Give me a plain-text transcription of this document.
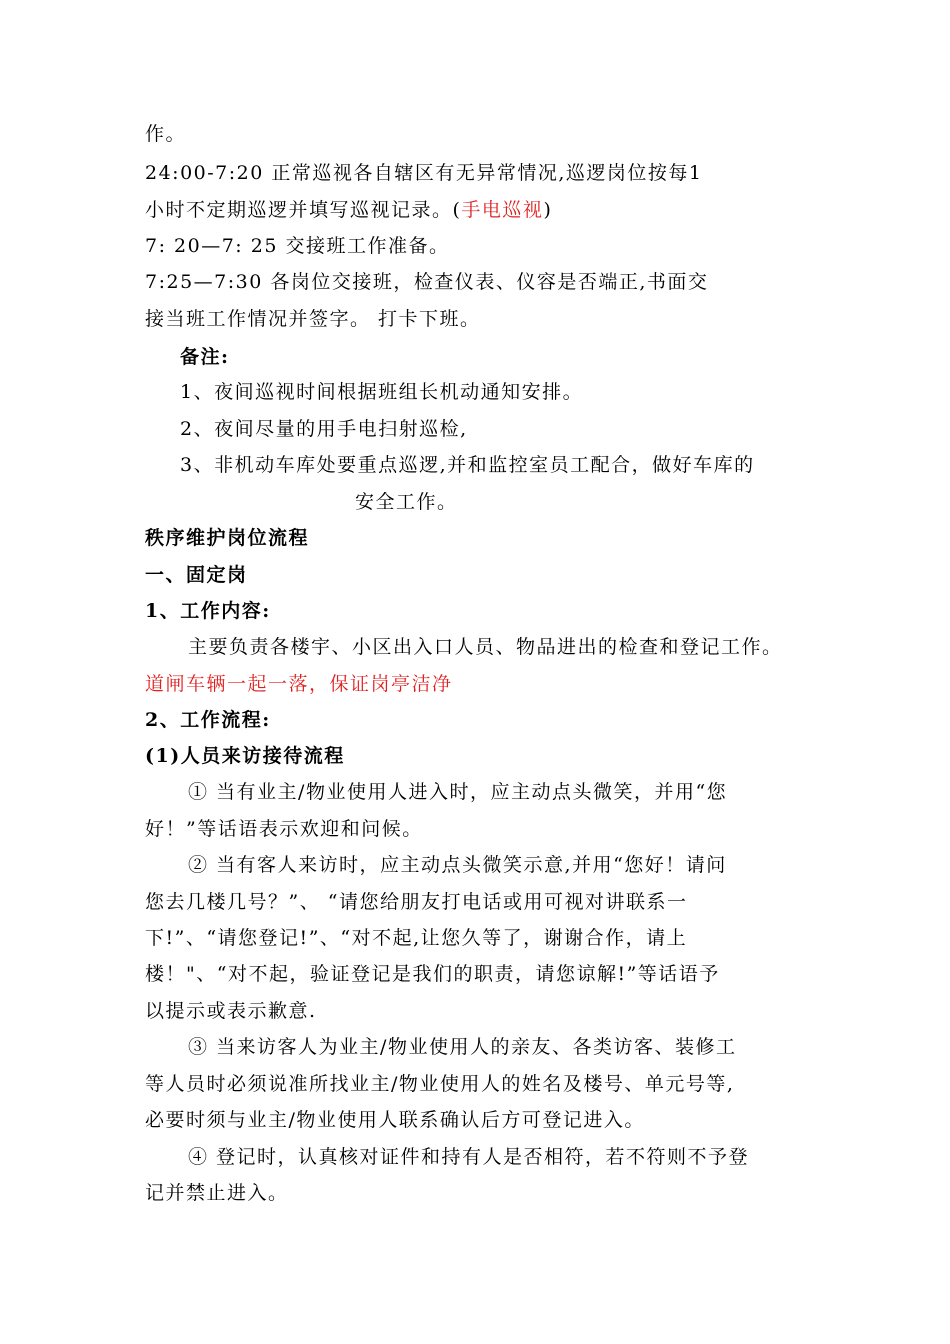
作。
24:00-7:20 正常巡视各自辖区有无异常情况,巡逻岗位按每1
小时不定期巡逻并填写巡视记录。(手电巡视)
7: 20—7: 25 交接班工作准备。
7:25—7:30 各岗位交接班，检查仪表、仪容是否端正,书面交
接当班工作情况并签字。 打卡下班。
备注:
1、夜间巡视时间根据班组长机动通知安排。
2、夜间尽量的用手电扫射巡检,
3、非机动车库处要重点巡逻,并和监控室员工配合，做好车库的
安全工作。
秩序维护岗位流程
一、固定岗
1、工作内容:
主要负责各楼宇、小区出入口人员、物品进出的检查和登记工作。
道闸车辆一起一落，保证岗亭洁净
2、工作流程:
(1)人员来访接待流程
① 当有业主/物业使用人进入时，应主动点头微笑，并用“您
好！”等话语表示欢迎和问候。
② 当有客人来访时，应主动点头微笑示意,并用“您好！请问
您去几楼几号？”、 “请您给朋友打电话或用可视对讲联系一
下!”、“请您登记!”、“对不起,让您久等了，谢谢合作，请上
楼！"、“对不起，验证登记是我们的职责，请您谅解!”等话语予
以提示或表示歉意.
③ 当来访客人为业主/物业使用人的亲友、各类访客、装修工
等人员时必须说准所找业主/物业使用人的姓名及楼号、单元号等,
必要时须与业主/物业使用人联系确认后方可登记进入。
④ 登记时，认真核对证件和持有人是否相符，若不符则不予登
记并禁止进入。
